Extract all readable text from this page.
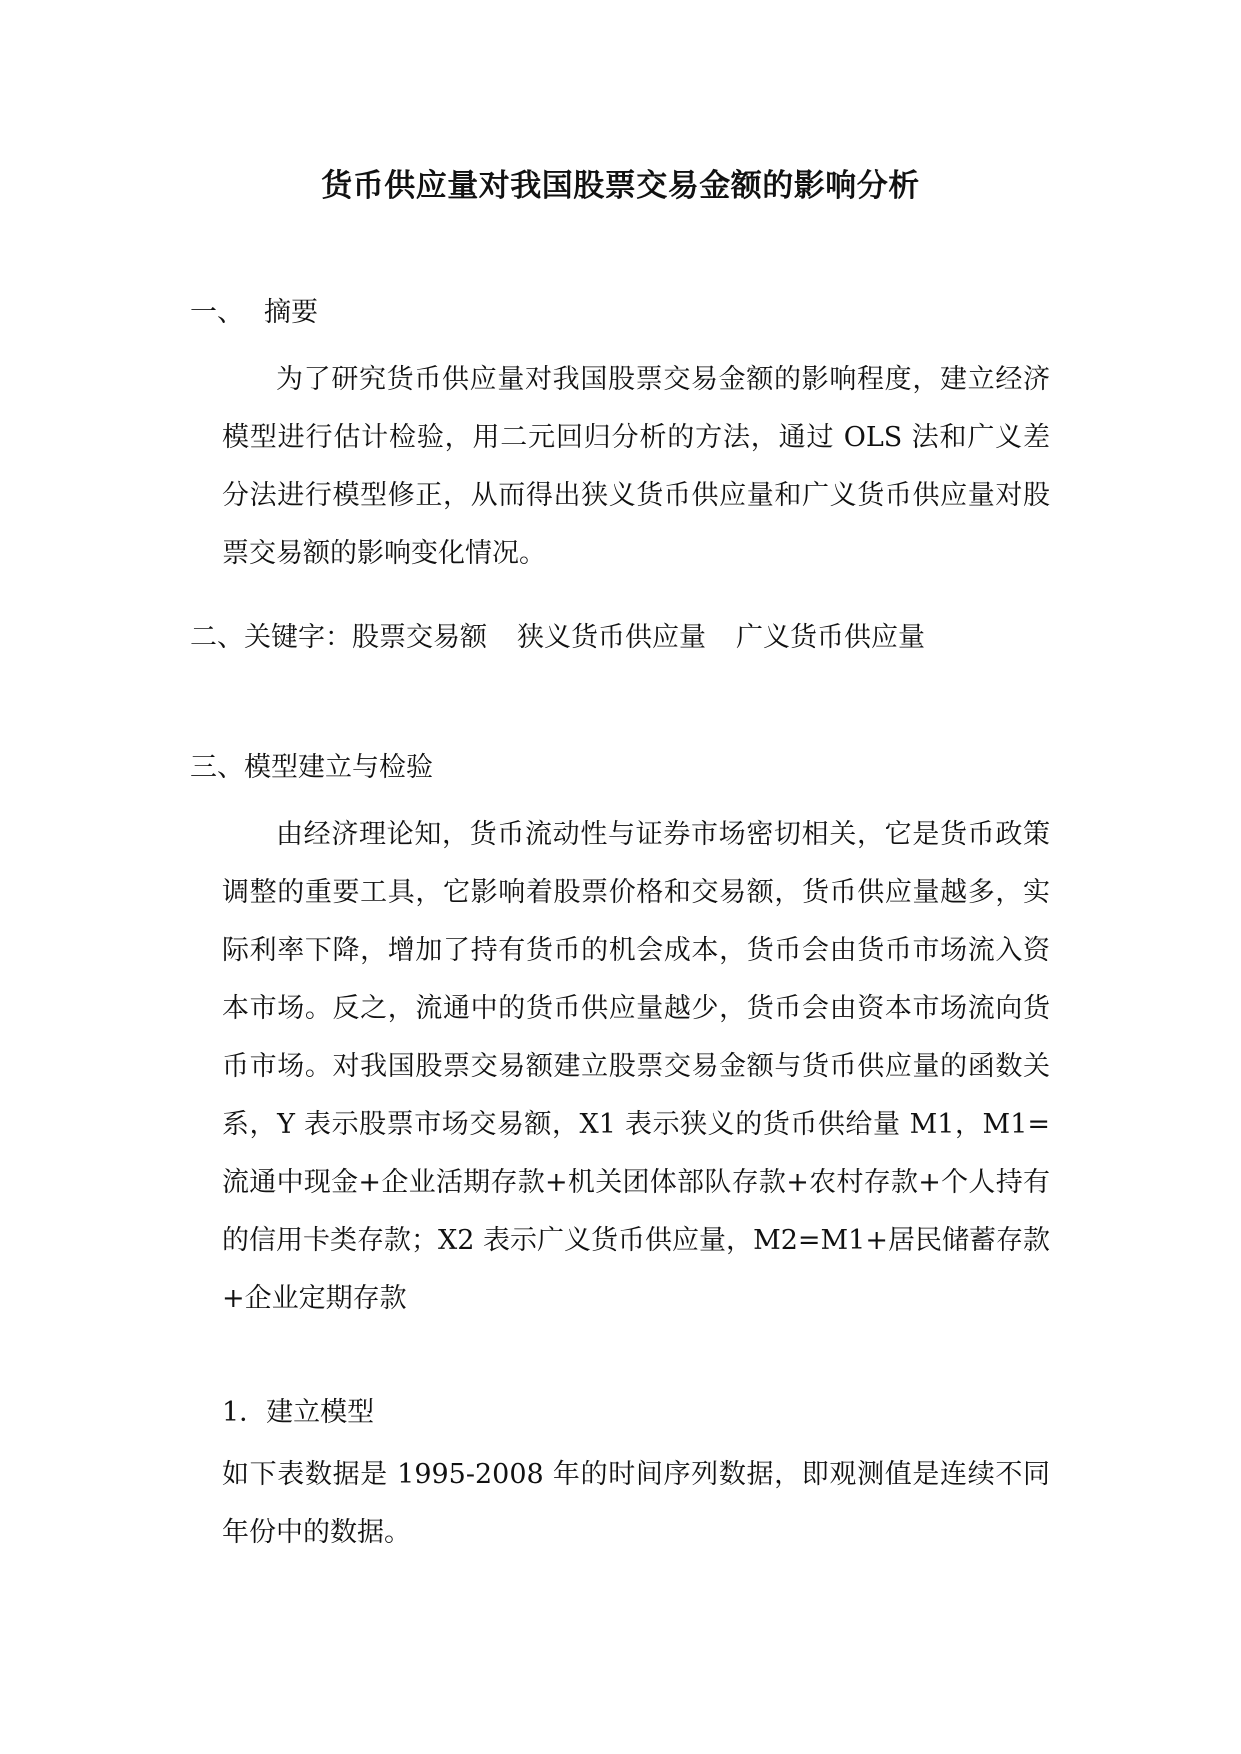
货币供应量对我国股票交易金额的影响分析
一、 摘要

为了研究货币供应量对我国股票交易金额的影响程度，建立经济模型进行估计检验，用二元回归分析的方法，通过 OLS 法和广义差分法进行模型修正，从而得出狭义货币供应量和广义货币供应量对股票交易额的影响变化情况。

二、关键字：股票交易额 狭义货币供应量 广义货币供应量
三、模型建立与检验

由经济理论知，货币流动性与证券市场密切相关，它是货币政策调整的重要工具，它影响着股票价格和交易额，货币供应量越多，实际利率下降，增加了持有货币的机会成本，货币会由货币市场流入资本市场。反之，流通中的货币供应量越少，货币会由资本市场流向货币市场。对我国股票交易额建立股票交易金额与货币供应量的函数关系，Y 表示股票市场交易额，X1 表示狭义的货币供给量 M1，M1=流通中现金+企业活期存款+机关团体部队存款+农村存款+个人持有的信用卡类存款；X2 表示广义货币供应量，M2=M1+居民储蓄存款+企业定期存款

1．建立模型

如下表数据是 1995-2008 年的时间序列数据，即观测值是连续不同年份中的数据。
